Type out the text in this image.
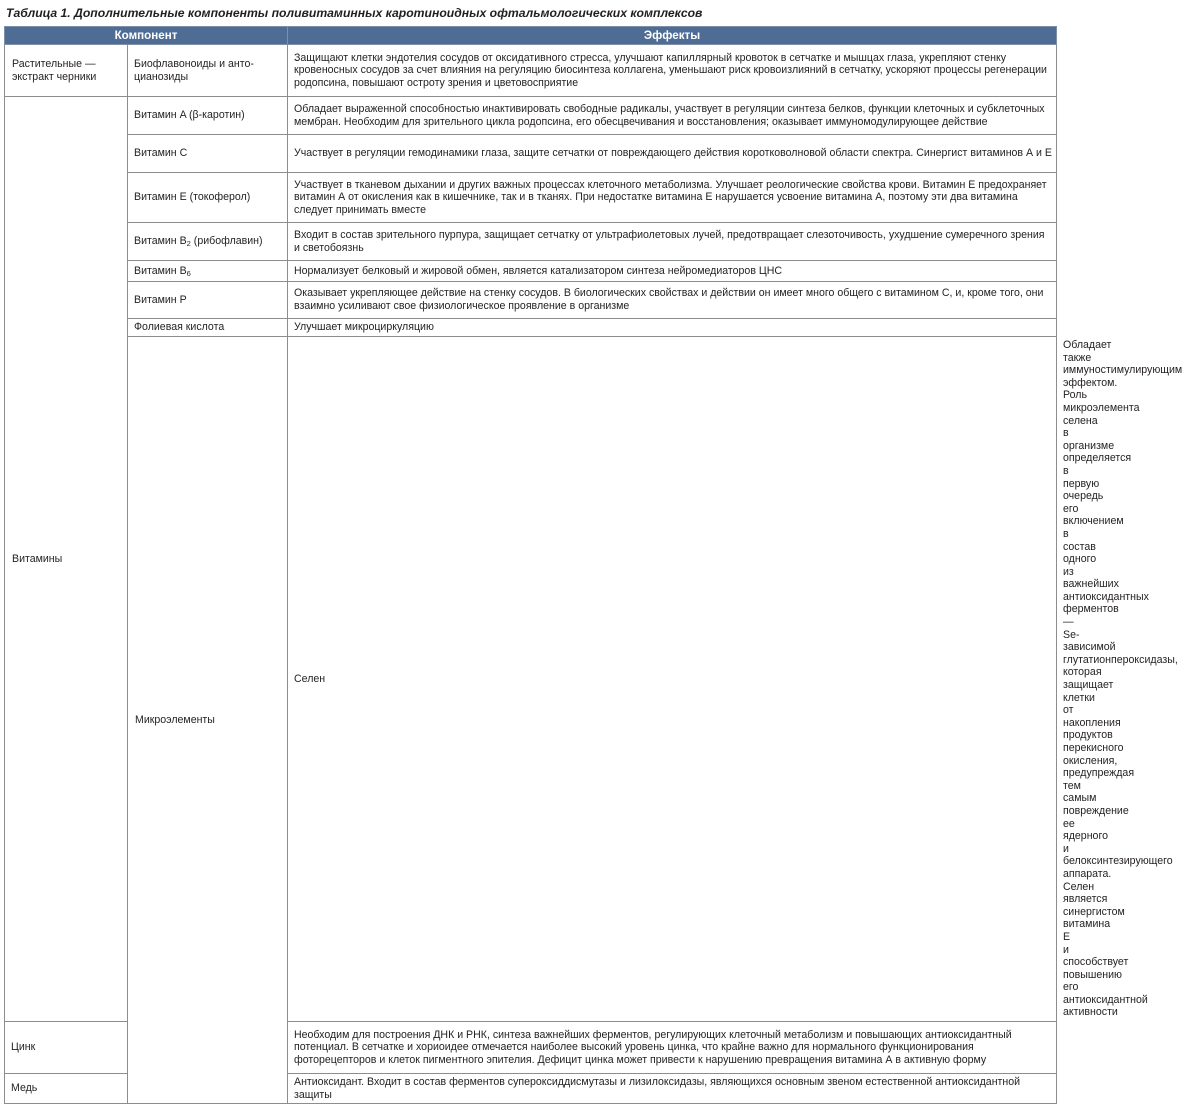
Таблица 1. Дополнительные компоненты поливитаминных каротиноидных офтальмологических комплексов
Компонент		Эффекты	
Растительные — экстракт черники	Биофлавоноиды и анто- цианозиды	Защищают клетки эндотелия сосудов от оксидативного стресса, улучшают капиллярный кровоток в сетчатке и мышцах глаза, укрепляют стенку кровеносных сосудов за счет влияния на регуляцию биосинтеза коллагена, уменьшают риск кровоизлияний в сетчатку, ускоряют процессы регенерации родопсина, повышают остроту зрения и цветовосприятие	
Витамины	Витамин A (β-каротин)	Обладает выраженной способностью инактивировать свободные радикалы, участвует в регуляции синтеза белков, функции клеточных и субклеточных мембран. Необходим для зрительного цикла родопсина, его обесцвечивания и восстановления; оказывает иммуномодулирующее действие	
	Витамин С	Участвует в регуляции гемодинамики глаза, защите сетчатки от повреждающего действия коротковолновой области спектра. Синергист витаминов А и Е	
	Витамин Е (токоферол)	Участвует в тканевом дыхании и других важных процессах клеточного метаболизма. Улучшает реологические свойства крови. Витамин Е предохраняет витамин А от окисления как в кишечнике, так и в тканях. При недостатке витамина Е нарушается усвоение витамина А, поэтому эти два витамина следует принимать вместе	
	Витамин $В_2$ (рибофлавин)	Входит в состав зрительного пурпура, защищает сетчатку от ультрафиолетовых лучей, предотвращает слезоточивость, ухудшение сумеречного зрения и светобоязнь	
	Витамин $В_6$	Нормализует белковый и жировой обмен, является катализатором синтеза нейромедиаторов ЦНС	
	Витамин Р	Оказывает укрепляющее действие на стенку сосудов. В биологических свойствах и действии он имеет много общего с витамином С, и, кроме того, они взаимно усиливают свое физиологическое проявление в организме	
	Фолиевая кислота	Улучшает микроциркуляцию	
	Микроэлементы	Селен	Обладает также иммуностимулирующим эффектом. Роль микроэлемента селена в организме определяется в первую очередь его включением в состав одного из важнейших антиоксидантных ферментов — Se-зависимой глутатионпероксидазы, которая защищает клетки от накопления продуктов перекисного окисления, предупреждая тем самым повреждение ее ядерного и белоксинтезирующего аппарата. Селен является синергистом витамина Е и способствует повышению его антиоксидантной активности
Цинк		Необходим для построения ДНК и РНК, синтеза важнейших ферментов, регулирующих клеточный метаболизм и повышающих антиоксидантный потенциал. В сетчатке и хориоидее отмечается наиболее высокий уровень цинка, что крайне важно для нормального функционирования фоторецепторов и клеток пигментного эпителия. Дефицит цинка может привести к нарушению превращения витамина А в активную форму	
Медь		Антиоксидант. Входит в состав ферментов супероксиддисмутазы и лизилоксидазы, являющихся основным звеном естественной антиоксидантной защиты	
